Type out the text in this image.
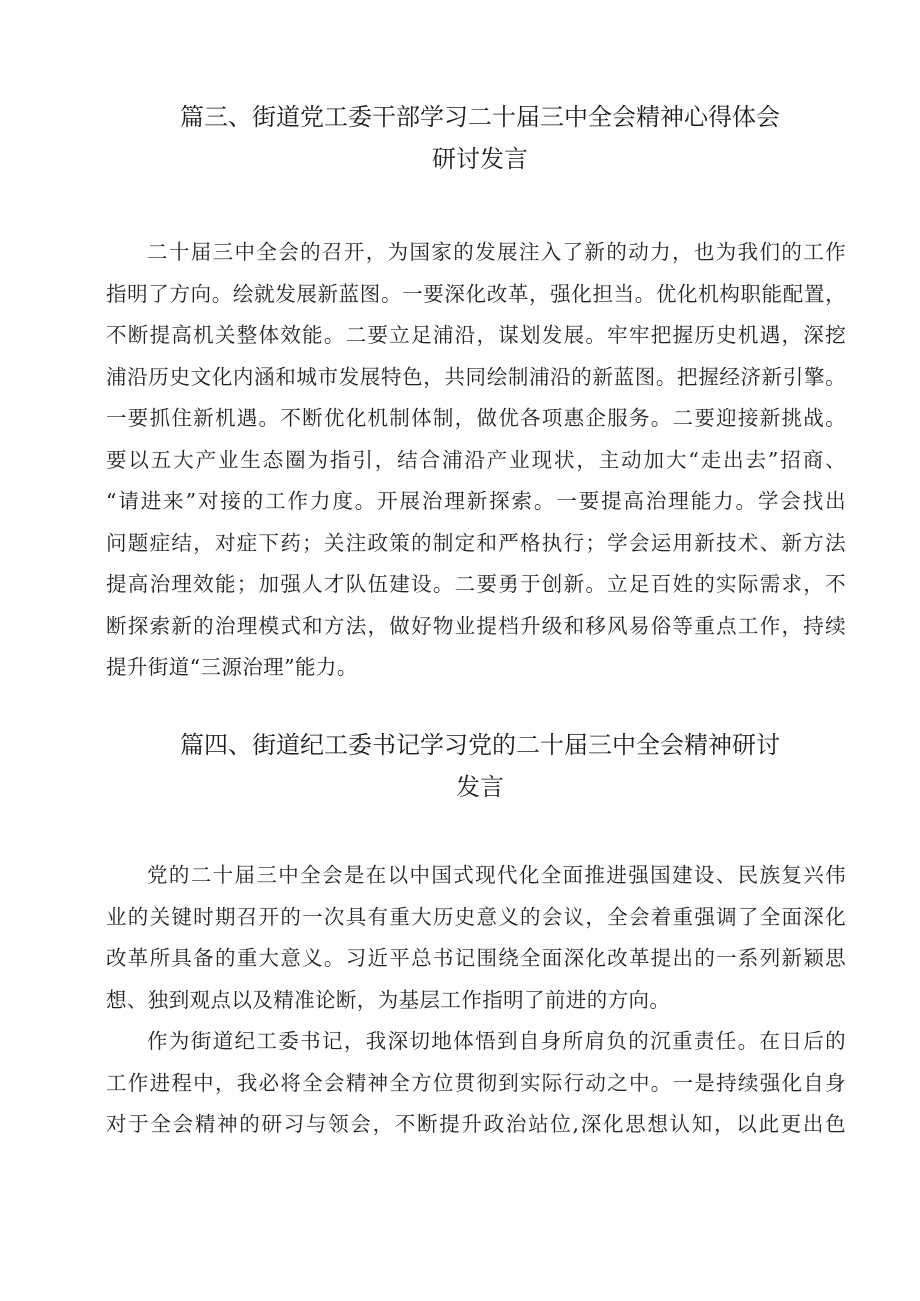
篇三、街道党工委干部学习二十届三中全会精神心得体会
研讨发言
二十届三中全会的召开，为国家的发展注入了新的动力，也为我们的工作
指明了方向。绘就发展新蓝图。一要深化改革，强化担当。优化机构职能配置，
不断提高机关整体效能。二要立足浦沿，谋划发展。牢牢把握历史机遇，深挖
浦沿历史文化内涵和城市发展特色，共同绘制浦沿的新蓝图。把握经济新引擎。
一要抓住新机遇。不断优化机制体制，做优各项惠企服务。二要迎接新挑战。
要以五大产业生态圈为指引，结合浦沿产业现状，主动加大“走出去”招商、
“请进来”对接的工作力度。开展治理新探索。一要提高治理能力。学会找出
问题症结，对症下药；关注政策的制定和严格执行；学会运用新技术、新方法
提高治理效能；加强人才队伍建设。二要勇于创新。立足百姓的实际需求，不
断探索新的治理模式和方法，做好物业提档升级和移风易俗等重点工作，持续
提升街道“三源治理”能力。
篇四、街道纪工委书记学习党的二十届三中全会精神研讨
发言
党的二十届三中全会是在以中国式现代化全面推进强国建设、民族复兴伟
业的关键时期召开的一次具有重大历史意义的会议，全会着重强调了全面深化
改革所具备的重大意义。习近平总书记围绕全面深化改革提出的一系列新颖思
想、独到观点以及精准论断，为基层工作指明了前进的方向。
作为街道纪工委书记，我深切地体悟到自身所肩负的沉重责任。在日后的
工作进程中，我必将全会精神全方位贯彻到实际行动之中。一是持续强化自身
对于全会精神的研习与领会，不断提升政治站位,深化思想认知，以此更出色
